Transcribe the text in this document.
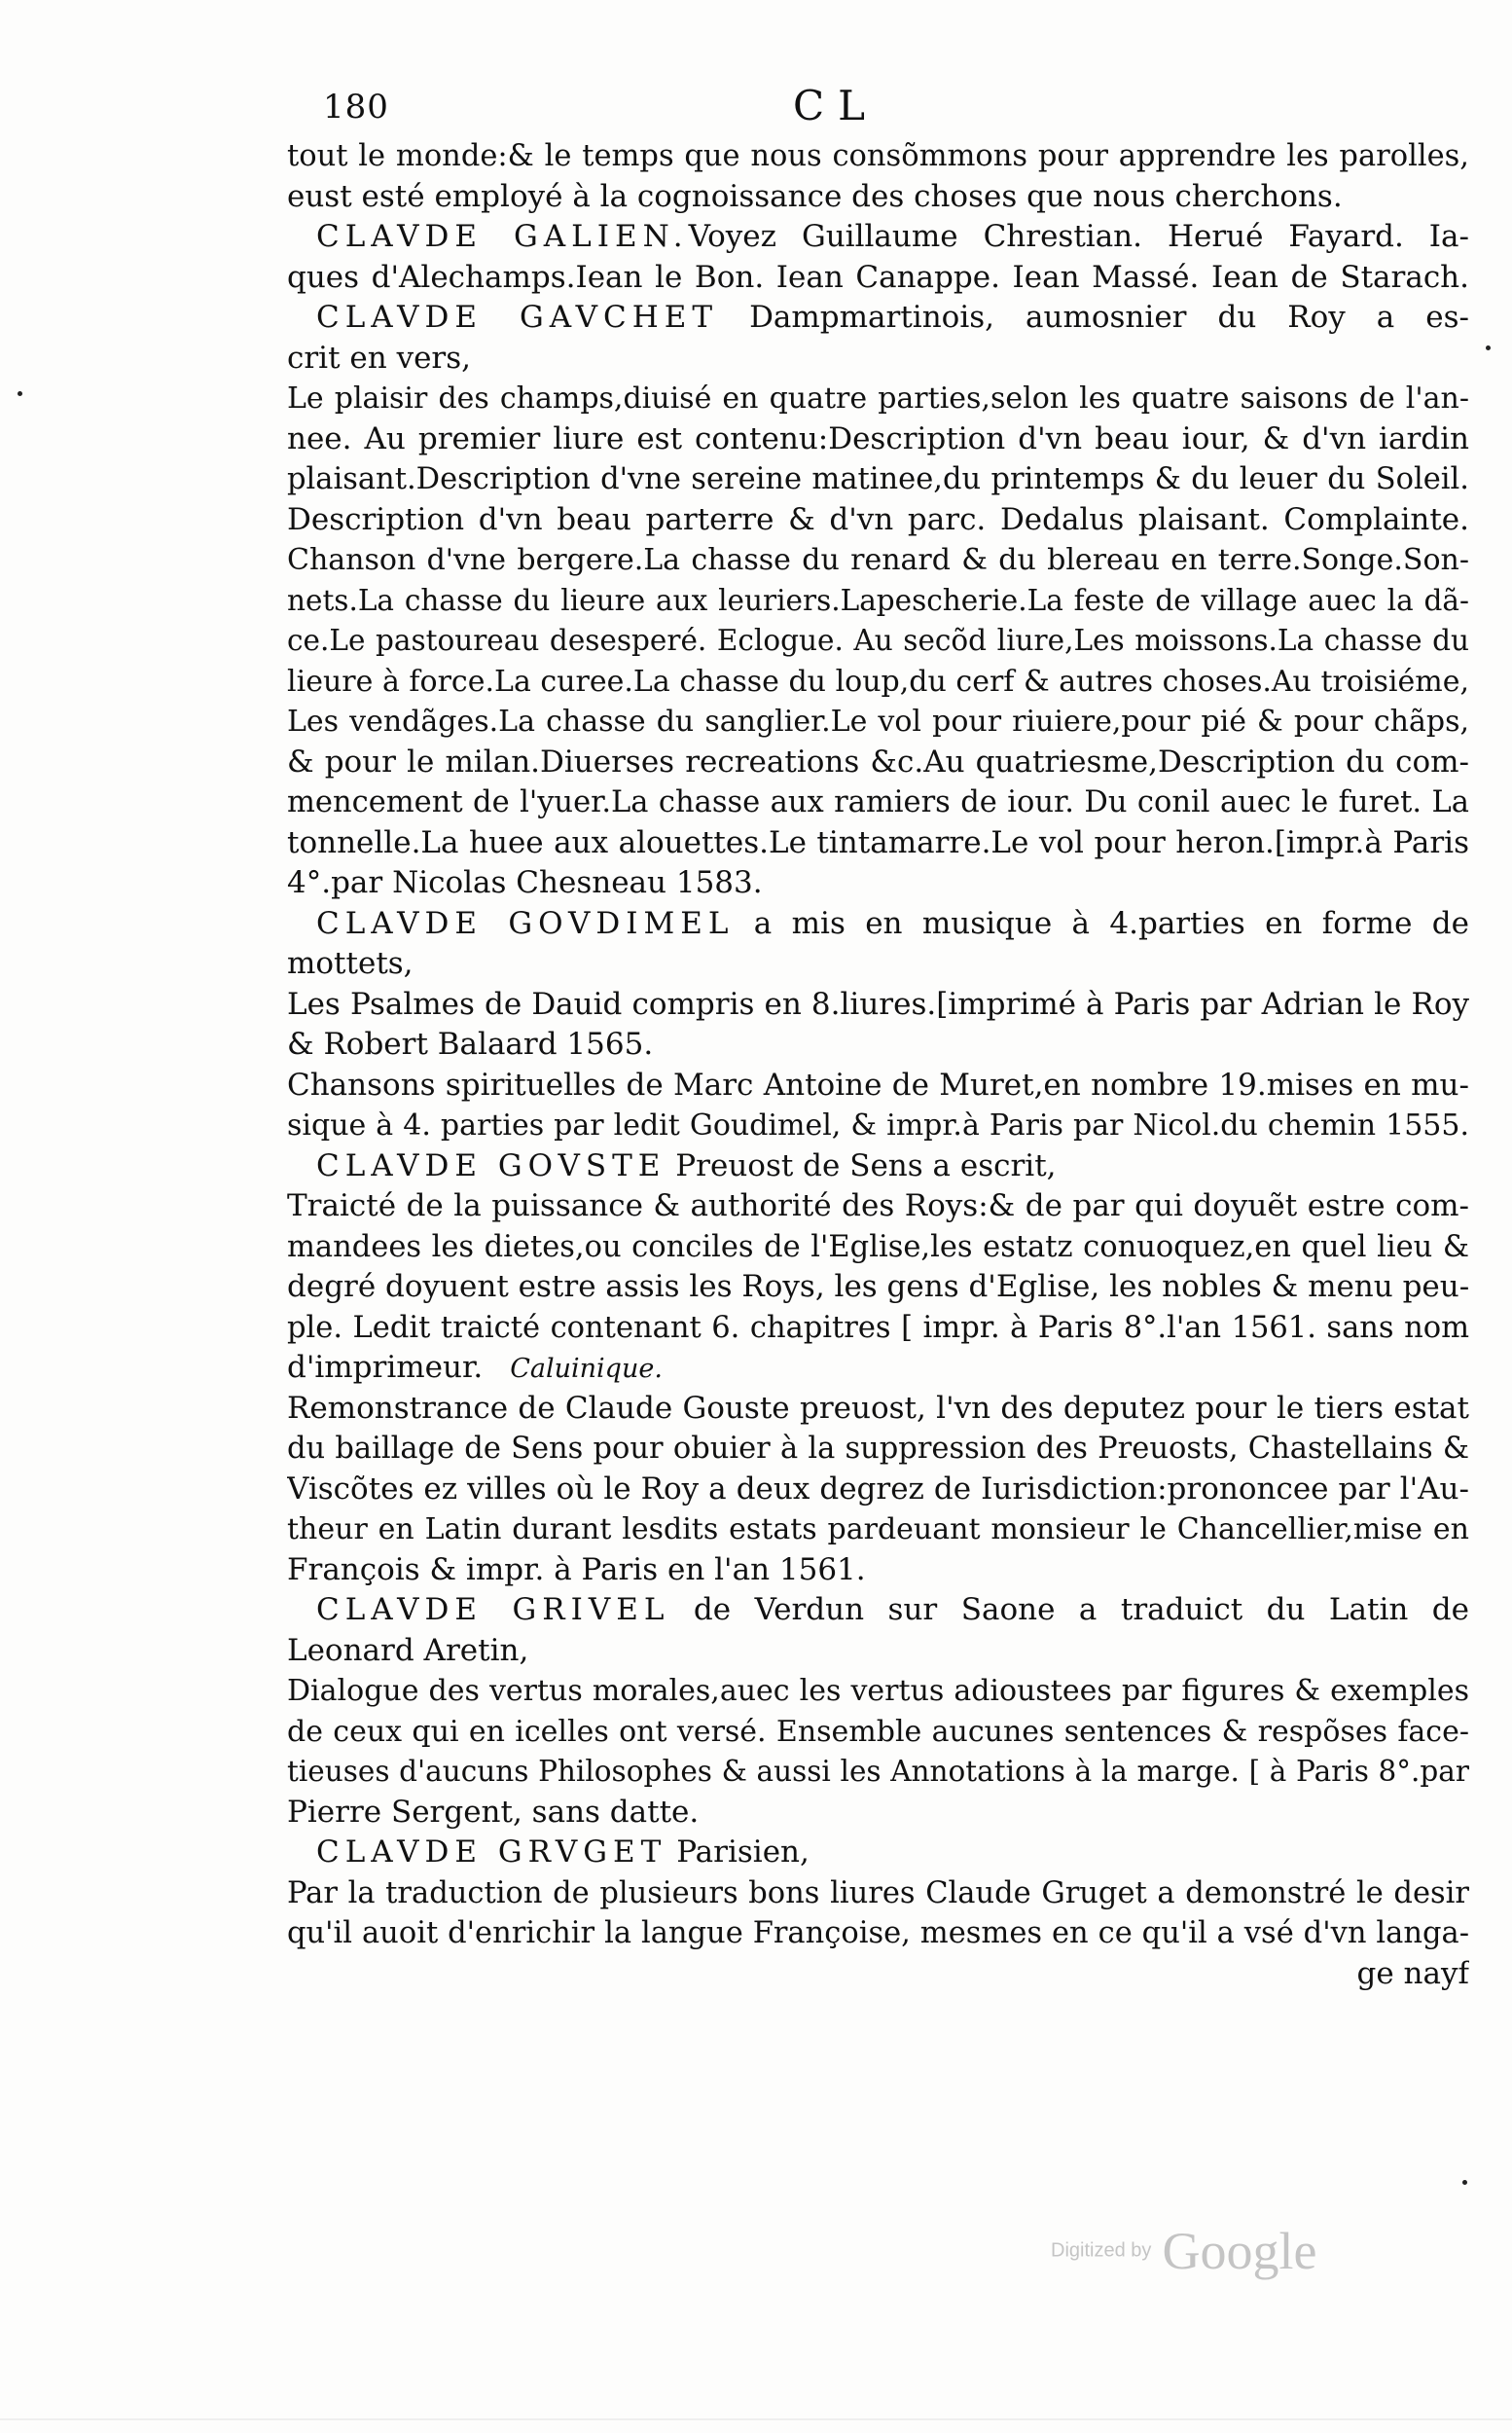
180	CL
tout le monde:& le temps que nous consõmmons pour apprendre les parolles,
eust esté employé à la cognoissance des choses que nous cherchons.
CLAVDE GALIEN.Voyez Guillaume Chrestian. Herué Fayard. Ia-
ques d'Alechamps.Iean le Bon. Iean Canappe. Iean Massé. Iean de Starach.
CLAVDE GAVCHET Dampmartinois, aumosnier du Roy a es-
crit en vers,
Le plaisir des champs,diuisé en quatre parties,selon les quatre saisons de l'an-
nee. Au premier liure est contenu:Description d'vn beau iour, & d'vn iardin
plaisant.Description d'vne sereine matinee,du printemps & du leuer du Soleil.
Description d'vn beau parterre & d'vn parc. Dedalus plaisant. Complainte.
Chanson d'vne bergere.La chasse du renard & du blereau en terre.Songe.Son-
nets.La chasse du lieure aux leuriers.Lapescherie.La feste de village auec la dã-
ce.Le pastoureau desesperé. Eclogue. Au secõd liure,Les moissons.La chasse du
lieure à force.La curee.La chasse du loup,du cerf & autres choses.Au troisiéme,
Les vendãges.La chasse du sanglier.Le vol pour riuiere,pour pié & pour chãps,
& pour le milan.Diuerses recreations &c.Au quatriesme,Description du com-
mencement de l'yuer.La chasse aux ramiers de iour. Du conil auec le furet. La
tonnelle.La huee aux alouettes.Le tintamarre.Le vol pour heron.[impr.à Paris
4°.par Nicolas Chesneau 1583.
CLAVDE GOVDIMEL a mis en musique à 4.parties en forme de
mottets,
Les Psalmes de Dauid compris en 8.liures.[imprimé à Paris par Adrian le Roy
& Robert Balaard 1565.
Chansons spirituelles de Marc Antoine de Muret,en nombre 19.mises en mu-
sique à 4. parties par ledit Goudimel, & impr.à Paris par Nicol.du chemin 1555.
CLAVDE GOVSTE Preuost de Sens a escrit,
Traicté de la puissance & authorité des Roys:& de par qui doyuẽt estre com-
mandees les dietes,ou conciles de l'Eglise,les estatz conuoquez,en quel lieu &
degré doyuent estre assis les Roys, les gens d'Eglise, les nobles & menu peu-
ple. Ledit traicté contenant 6. chapitres [ impr. à Paris 8°.l'an 1561. sans nom
d'imprimeur. Caluinique.
Remonstrance de Claude Gouste preuost, l'vn des deputez pour le tiers estat
du baillage de Sens pour obuier à la suppression des Preuosts, Chastellains &
Viscõtes ez villes où le Roy a deux degrez de Iurisdiction:prononcee par l'Au-
theur en Latin durant lesdits estats pardeuant monsieur le Chancellier,mise en
François & impr. à Paris en l'an 1561.
CLAVDE GRIVEL de Verdun sur Saone a traduict du Latin de
Leonard Aretin,
Dialogue des vertus morales,auec les vertus adioustees par figures & exemples
de ceux qui en icelles ont versé. Ensemble aucunes sentences & respõses face-
tieuses d'aucuns Philosophes & aussi les Annotations à la marge. [ à Paris 8°.par
Pierre Sergent, sans datte.
CLAVDE GRVGET Parisien,
Par la traduction de plusieurs bons liures Claude Gruget a demonstré le desir
qu'il auoit d'enrichir la langue Françoise, mesmes en ce qu'il a vsé d'vn langa-
ge nayf
Digitized by Google
